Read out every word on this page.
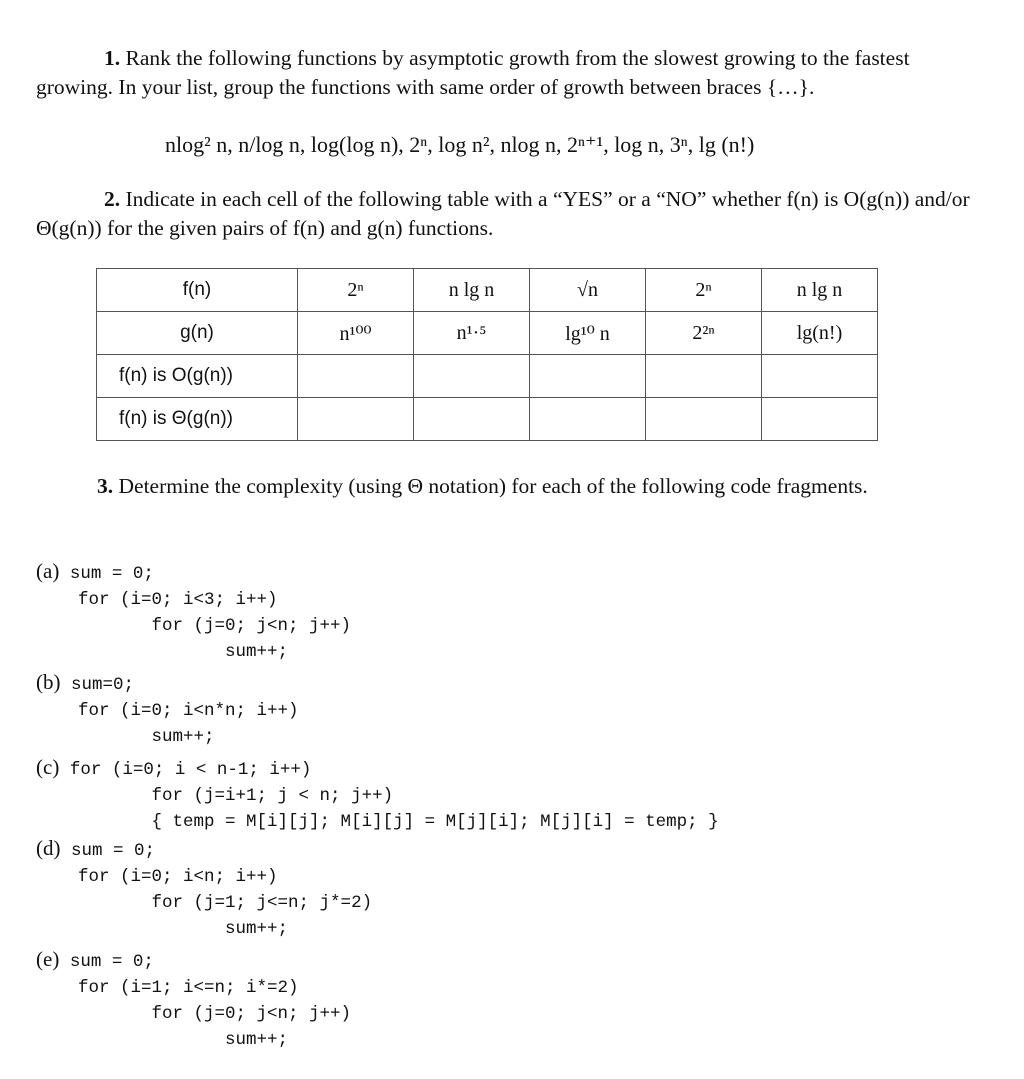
1. Rank the following functions by asymptotic growth from the slowest growing to the fastest growing. In your list, group the functions with same order of growth between braces {…}.
nlog² n, n/log n, log(log n), 2ⁿ, log n², nlog n, 2ⁿ⁺¹, log n, 3ⁿ, lg (n!)
2. Indicate in each cell of the following table with a “YES” or a “NO” whether f(n) is O(g(n)) and/or Θ(g(n)) for the given pairs of f(n) and g(n) functions.
f(n)	2ⁿ	n lg n	√n	2ⁿ	n lg n
g(n)	n¹⁰⁰	n¹·⁵	lg¹⁰ n	2²ⁿ	lg(n!)
f(n) is O(g(n))					
f(n) is Θ(g(n))					
3. Determine the complexity (using Θ notation) for each of the following code fragments.

(a) sum = 0;
for (i=0; i<3; i++)
for (j=0; j<n; j++)
sum++;
(b) sum=0;
for (i=0; i<n*n; i++)
sum++;
(c) for (i=0; i < n-1; i++)
for (j=i+1; j < n; j++)
{ temp = M[i][j]; M[i][j] = M[j][i]; M[j][i] = temp; }
(d) sum = 0;
for (i=0; i<n; i++)
for (j=1; j<=n; j*=2)
sum++;
(e) sum = 0;
for (i=1; i<=n; i*=2)
for (j=0; j<n; j++)
sum++;
